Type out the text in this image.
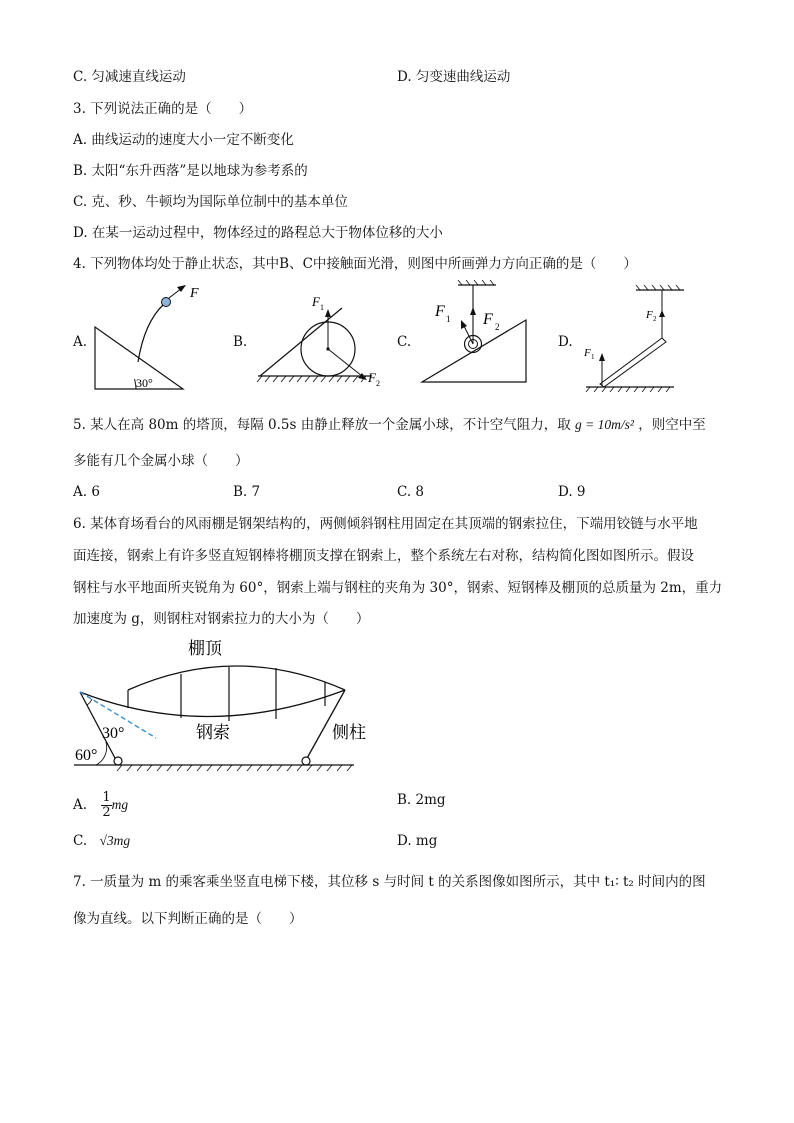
C. 匀减速直线运动	D. 匀变速曲线运动
3. 下列说法正确的是（　　）
A. 曲线运动的速度大小一定不断变化
B. 太阳“东升西落”是以地球为参考系的
C. 克、秒、牛顿均为国际单位制中的基本单位
D. 在某一运动过程中，物体经过的路程总大于物体位移的大小
4. 下列物体均处于静止状态，其中B、C中接触面光滑，则图中所画弹力方向正确的是（　　）
A.	B.	C.	D.
F
30°
F 1
F 2
F 1 F 2
F 1
F 2
5. 某人在高 80m 的塔顶，每隔 0.5s 由静止释放一个金属小球，不计空气阻力，取 g = 10m/s² ，则空中至
多能有几个金属小球（　　）
A. 6	B. 7	C. 8	D. 9
6. 某体育场看台的风雨棚是钢架结构的，两侧倾斜钢柱用固定在其顶端的钢索拉住，下端用铰链与水平地
面连接，钢索上有许多竖直短钢棒将棚顶支撑在钢索上，整个系统左右对称，结构简化图如图所示。假设
钢柱与水平地面所夹锐角为 60°，钢索上端与钢柱的夹角为 30°，钢索、短钢棒及棚顶的总质量为 2m，重力
加速度为 g，则钢柱对钢索拉力的大小为（　　）
棚顶
钢索	侧柱
30°
60°
A. $\frac{1}{2}$ mg	B. 2mg
C. √3mg	D. mg
7. 一质量为 m 的乘客乘坐竖直电梯下楼，其位移 s 与时间 t 的关系图像如图所示，其中 t₁∶ t₂ 时间内的图
像为直线。以下判断正确的是（　　）
